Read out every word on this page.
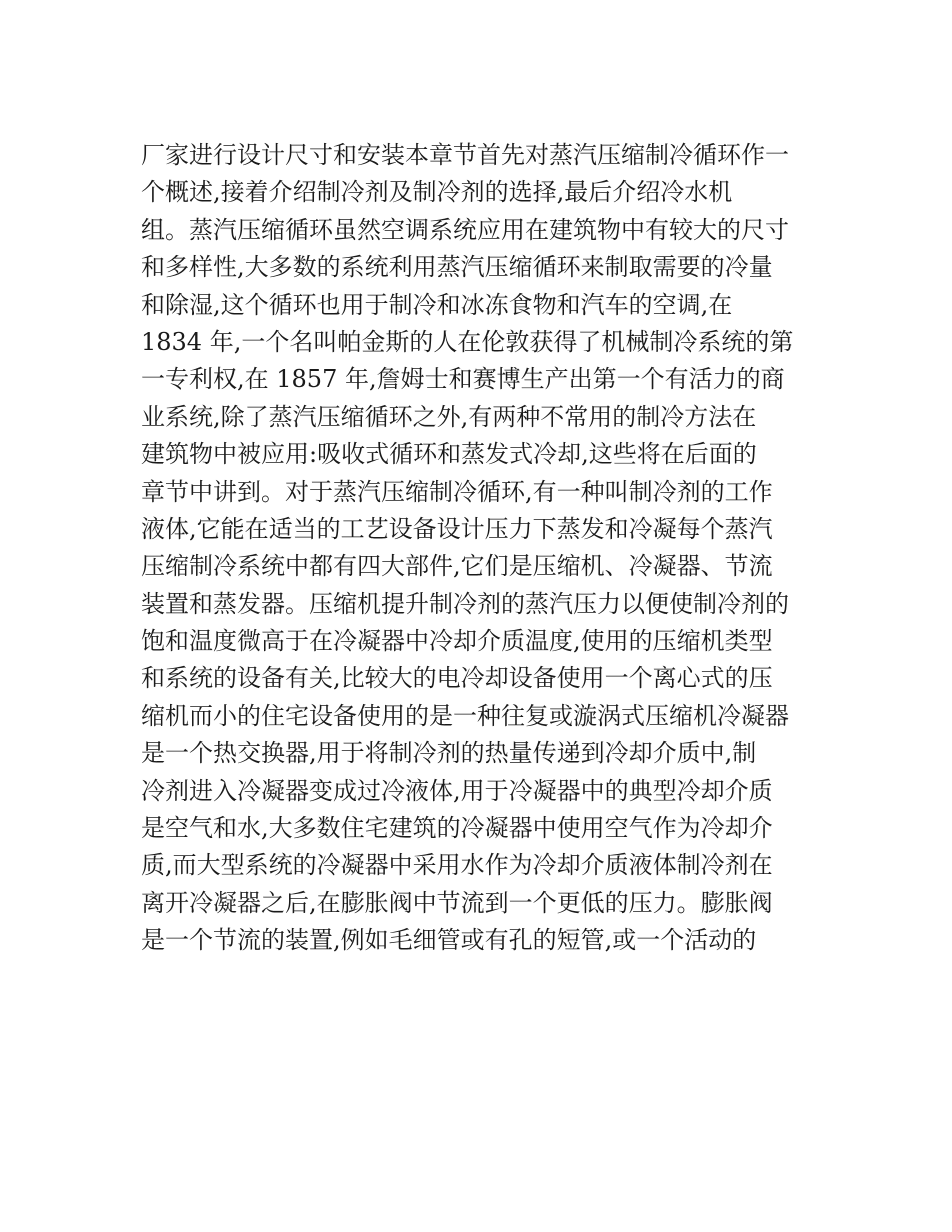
厂家进行设计尺寸和安装本章节首先对蒸汽压缩制冷循环作一
个概述,接着介绍制冷剂及制冷剂的选择,最后介绍冷水机
组。蒸汽压缩循环虽然空调系统应用在建筑物中有较大的尺寸
和多样性,大多数的系统利用蒸汽压缩循环来制取需要的冷量
和除湿,这个循环也用于制冷和冰冻食物和汽车的空调,在
1834 年,一个名叫帕金斯的人在伦敦获得了机械制冷系统的第
一专利权,在 1857 年,詹姆士和赛博生产出第一个有活力的商
业系统,除了蒸汽压缩循环之外,有两种不常用的制冷方法在
建筑物中被应用:吸收式循环和蒸发式冷却,这些将在后面的
章节中讲到。对于蒸汽压缩制冷循环,有一种叫制冷剂的工作
液体,它能在适当的工艺设备设计压力下蒸发和冷凝每个蒸汽
压缩制冷系统中都有四大部件,它们是压缩机、冷凝器、节流
装置和蒸发器。压缩机提升制冷剂的蒸汽压力以便使制冷剂的
饱和温度微高于在冷凝器中冷却介质温度,使用的压缩机类型
和系统的设备有关,比较大的电冷却设备使用一个离心式的压
缩机而小的住宅设备使用的是一种往复或漩涡式压缩机冷凝器
是一个热交换器,用于将制冷剂的热量传递到冷却介质中,制
冷剂进入冷凝器变成过冷液体,用于冷凝器中的典型冷却介质
是空气和水,大多数住宅建筑的冷凝器中使用空气作为冷却介
质,而大型系统的冷凝器中采用水作为冷却介质液体制冷剂在
离开冷凝器之后,在膨胀阀中节流到一个更低的压力。膨胀阀
是一个节流的装置,例如毛细管或有孔的短管,或一个活动的
